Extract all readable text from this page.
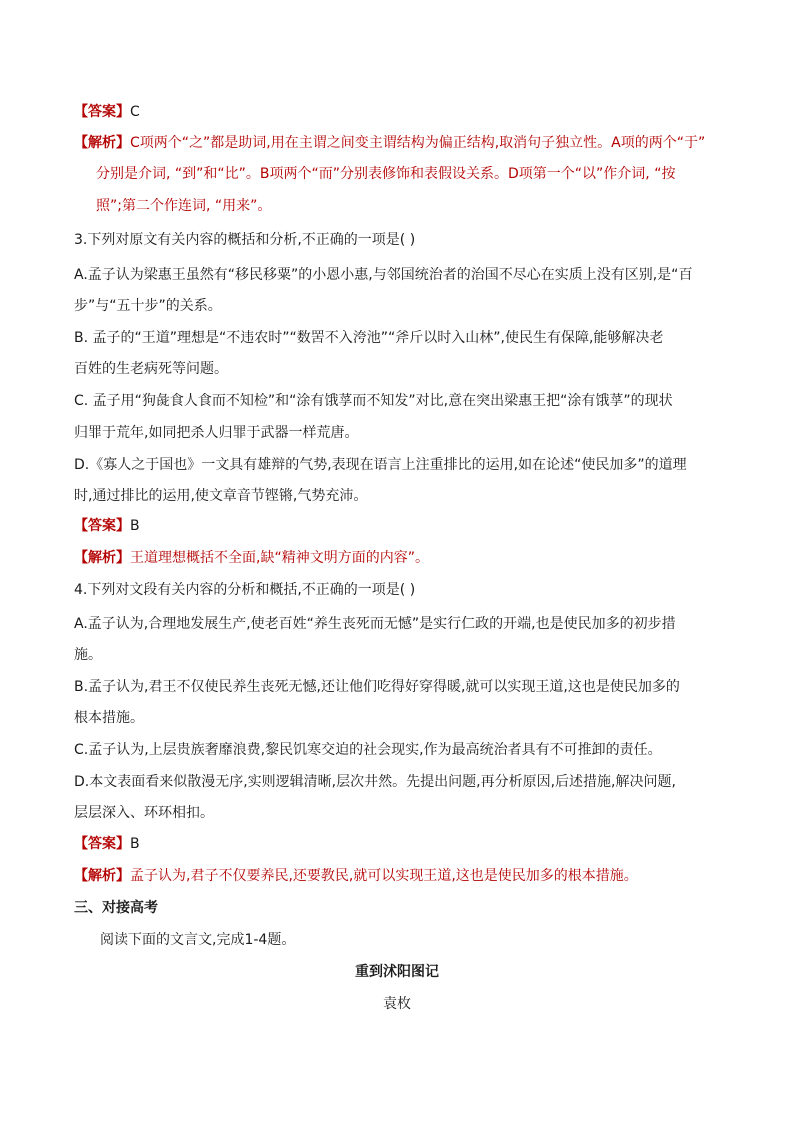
【答案】C
【解析】C项两个“之”都是助词,用在主谓之间变主谓结构为偏正结构,取消句子独立性。A项的两个“于”
分别是介词, “到”和“比”。B项两个“而”分别表修饰和表假设关系。D项第一个“以”作介词, “按
照”;第二个作连词, “用来”。
3.下列对原文有关内容的概括和分析,不正确的一项是( )
A.孟子认为梁惠王虽然有“移民移粟”的小恩小惠,与邻国统治者的治国不尽心在实质上没有区别,是“百
步”与“五十步”的关系。
B. 孟子的“王道”理想是“不违农时”“数罟不入洿池”“斧斤以时入山林”,使民生有保障,能够解决老
百姓的生老病死等问题。
C. 孟子用“狗彘食人食而不知检”和“涂有饿莩而不知发”对比,意在突出梁惠王把“涂有饿莩”的现状
归罪于荒年,如同把杀人归罪于武器一样荒唐。
D.《寡人之于国也》一文具有雄辩的气势,表现在语言上注重排比的运用,如在论述“使民加多”的道理
时,通过排比的运用,使文章音节铿锵,气势充沛。
【答案】B
【解析】王道理想概括不全面,缺“精神文明方面的内容”。
4.下列对文段有关内容的分析和概括,不正确的一项是( )
A.孟子认为,合理地发展生产,使老百姓“养生丧死而无憾”是实行仁政的开端,也是使民加多的初步措
施。
B.孟子认为,君王不仅使民养生丧死无憾,还让他们吃得好穿得暖,就可以实现王道,这也是使民加多的
根本措施。
C.孟子认为,上层贵族奢靡浪费,黎民饥寒交迫的社会现实,作为最高统治者具有不可推卸的责任。
D.本文表面看来似散漫无序,实则逻辑清晰,层次井然。先提出问题,再分析原因,后述措施,解决问题,
层层深入、环环相扣。
【答案】B
【解析】孟子认为,君子不仅要养民,还要教民,就可以实现王道,这也是使民加多的根本措施。
三、对接高考
阅读下面的文言文,完成1-4题。
重到沭阳图记
袁枚
